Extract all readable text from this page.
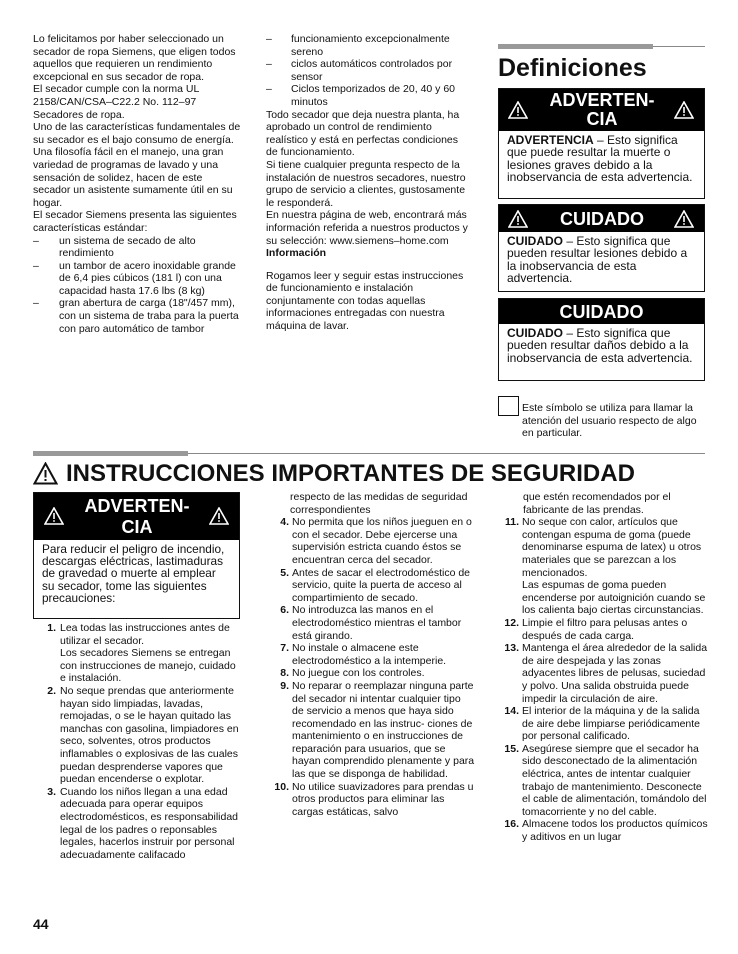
Lo felicitamos por haber seleccionado un secador de ropa Siemens, que eligen todos aquellos que requieren un rendimiento excepcional en sus secador de ropa.

El secador cumple con la norma UL 2158/CAN/CSA–C22.2 No. 112–97 Secadores de ropa.

Uno de las características fundamentales de su secador es el bajo consumo de energía.

Una filosofía fácil en el manejo, una gran variedad de programas de lavado y una sensación de solidez, hacen de este secador un asistente sumamente útil en su hogar.

El secador Siemens presenta las siguientes características estándar:

– un sistema de secado de alto rendimiento

– un tambor de acero inoxidable grande de 6,4 pies cúbicos (181 l) con una capacidad hasta 17.6 lbs (8 kg)

– gran abertura de carga (18"/457 mm), con un sistema de traba para la puerta con paro automático de tambor

– funcionamiento excepcionalmente sereno

– ciclos automáticos controlados por sensor

– Ciclos temporizados de 20, 40 y 60 minutos

Todo secador que deja nuestra planta, ha aprobado un control de rendimiento realístico y está en perfectas condiciones de funcionamiento.

Si tiene cualquier pregunta respecto de la instalación de nuestros secadores, nuestro grupo de servicio a clientes, gustosamente le responderá.

En nuestra página de web, encontrará más información referida a nuestros productos y su selección: www.siemens–home.com

Información

Rogamos leer y seguir estas instrucciones de funcionamiento e instalación conjuntamente con todas aquellas informaciones entregadas con nuestra máquina de lavar.

Definiciones
ADVERTEN- CIA
ADVERTENCIA – Esto significa que puede resultar la muerte o lesiones graves debido a la inobservancia de esta advertencia.
CUIDADO
CUIDADO – Esto significa que pueden resultar lesiones debido a la inobservancia de esta advertencia.
CUIDADO
CUIDADO – Esto significa que pueden resultar daños debido a la inobservancia de esta advertencia.
Este símbolo se utiliza para llamar la atención del usuario respecto de algo en particular.
INSTRUCCIONES IMPORTANTES DE SEGURIDAD
ADVERTEN- CIA
Para reducir el peligro de incendio, descargas eléctricas, lastimaduras de gravedad o muerte al emplear su secador, tome las siguientes precauciones:
1. Lea todas las instrucciones antes de utilizar el secador.

Los secadores Siemens se entregan con instrucciones de manejo, cuidado e instalación.

2. No seque prendas que anteriormente hayan sido limpiadas, lavadas, remojadas, o se le hayan quitado las manchas con gasolina, limpiadores en seco, solventes, otros productos inflamables o explosivas de las cuales puedan desprenderse vapores que puedan encenderse o explotar.

3. Cuando los niños llegan a una edad adecuada para operar equipos electrodomésticos, es responsabilidad legal de los padres o reponsables legales, hacerlos instruir por personal adecuadamente califacado

respecto de las medidas de seguridad correspondientes

4. No permita que los niños jueguen en o con el secador. Debe ejercerse una supervisión estricta cuando éstos se encuentran cerca del secador.

5. Antes de sacar el electrodoméstico de servicio, quite la puerta de acceso al compartimiento de secado.

6. No introduzca las manos en el electrodoméstico mientras el tambor está girando.

7. No instale o almacene este electrodoméstico a la intemperie.

8. No juegue con los controles.

9. No reparar o reemplazar ninguna parte del secador ni intentar cualquier tipo de servicio a menos que haya sido recomendado en las instruc- ciones de mantenimiento o en instrucciones de reparación para usuarios, que se hayan comprendido plenamente y para las que se disponga de habilidad.

10. No utilice suavizadores para prendas u otros productos para eliminar las cargas estáticas, salvo

que estén recomendados por el fabricante de las prendas.

11. No seque con calor, artículos que contengan espuma de goma (puede denominarse espuma de latex) u otros materiales que se parezcan a los mencionados.

Las espumas de goma pueden encenderse por autoignición cuando se los calienta bajo ciertas circunstancias.

12. Limpie el filtro para pelusas antes o después de cada carga.

13. Mantenga el área alrededor de la salida de aire despejada y las zonas adyacentes libres de pelusas, suciedad y polvo. Una salida obstruida puede impedir la circulación de aire.

14. El interior de la máquina y de la salida de aire debe limpiarse periódicamente por personal calificado.

15. Asegúrese siempre que el secador ha sido desconectado de la alimentación eléctrica, antes de intentar cualquier trabajo de mantenimiento. Desconecte el cable de alimentación, tomándolo del tomacorriente y no del cable.

16. Almacene todos los productos químicos y aditivos en un lugar

44
